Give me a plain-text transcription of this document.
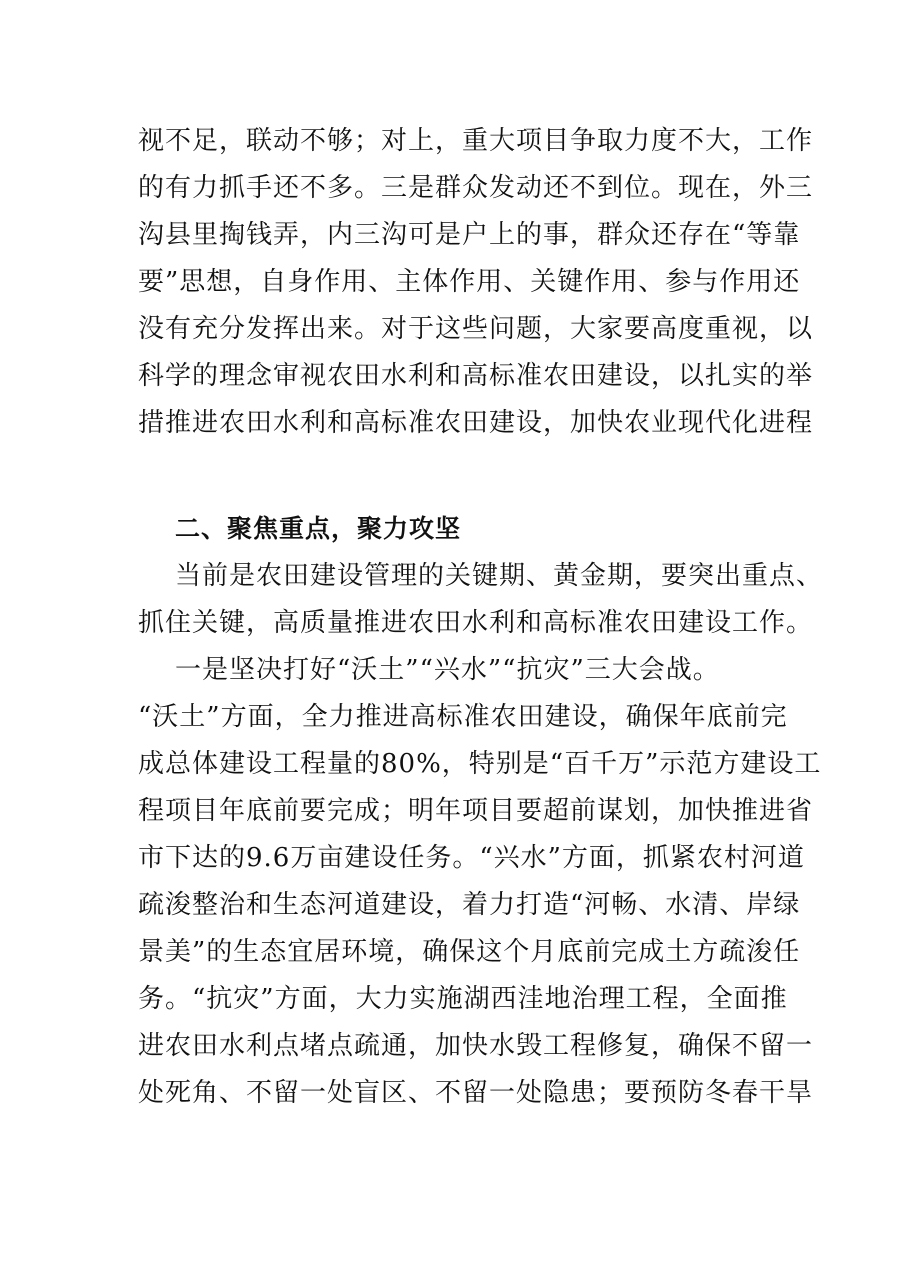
视不足，联动不够；对上，重大项目争取力度不大，工作
的有力抓手还不多。三是群众发动还不到位。现在，外三
沟县里掏钱弄，内三沟可是户上的事，群众还存在“等靠
要”思想，自身作用、主体作用、关键作用、参与作用还
没有充分发挥出来。对于这些问题，大家要高度重视，以
科学的理念审视农田水利和高标准农田建设，以扎实的举
措推进农田水利和高标准农田建设，加快农业现代化进程
二、聚焦重点，聚力攻坚
当前是农田建设管理的关键期、黄金期，要突出重点、
抓住关键，高质量推进农田水利和高标准农田建设工作。
一是坚决打好“沃土”“兴水”“抗灾”三大会战。
“沃土”方面，全力推进高标准农田建设，确保年底前完
成总体建设工程量的80%，特别是“百千万”示范方建设工
程项目年底前要完成；明年项目要超前谋划，加快推进省
市下达的9.6万亩建设任务。“兴水”方面，抓紧农村河道
疏浚整治和生态河道建设，着力打造“河畅、水清、岸绿
景美”的生态宜居环境，确保这个月底前完成土方疏浚任
务。“抗灾”方面，大力实施湖西洼地治理工程，全面推
进农田水利点堵点疏通，加快水毁工程修复，确保不留一
处死角、不留一处盲区、不留一处隐患；要预防冬春干旱
